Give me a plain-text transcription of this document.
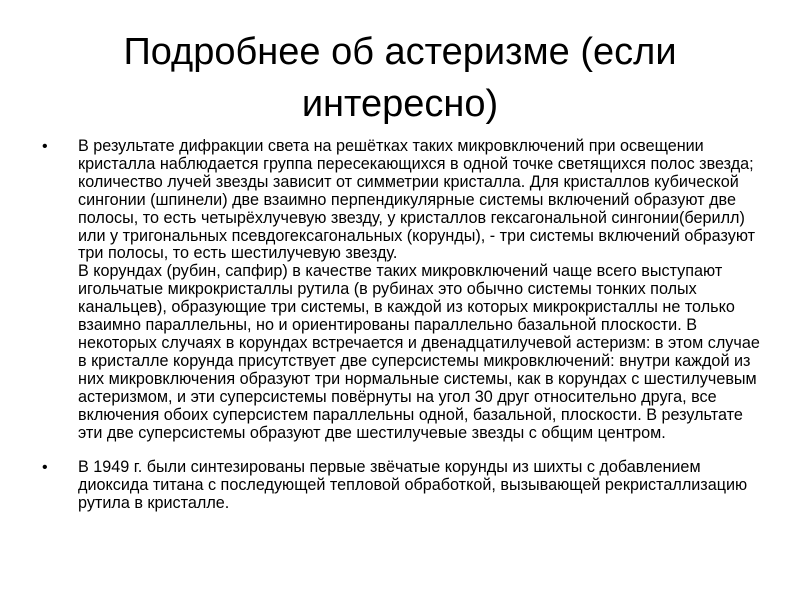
Подробнее об астеризме (если интересно)
• В результате дифракции света на решётках таких микровключений при освещении кристалла наблюдается группа пересекающихся в одной точке светящихся полос звезда; количество лучей звезды зависит от симметрии кристалла. Для кристаллов кубической сингонии (шпинели) две взаимно перпендикулярные системы включений образуют две полосы, то есть четырёхлучевую звезду, у кристаллов гексагональной сингонии(берилл) или у тригональных псевдогексагональных (корунды), - три системы включений образуют три полосы, то есть шестилучевую звезду.
В корундах (рубин, сапфир) в качестве таких микровключений чаще всего выступают игольчатые микрокристаллы рутила (в рубинах это обычно системы тонких полых канальцев), образующие три системы, в каждой из которых микрокристаллы не только взаимно параллельны, но и ориентированы параллельно базальной плоскости. В некоторых случаях в корундах встречается и двенадцатилучевой астеризм: в этом случае в кристалле корунда присутствует две суперсистемы микровключений: внутри каждой из них микровключения образуют три нормальные системы, как в корундах с шестилучевым астеризмом, и эти суперсистемы повёрнуты на угол 30 друг относительно друга, все включения обоих суперсистем параллельны одной, базальной, плоскости. В результате эти две суперсистемы образуют две шестилучевые звезды с общим центром.
• В 1949 г. были синтезированы первые звёчатые корунды из шихты с добавлением диоксида титана с последующей тепловой обработкой, вызывающей рекристаллизацию рутила в кристалле.
